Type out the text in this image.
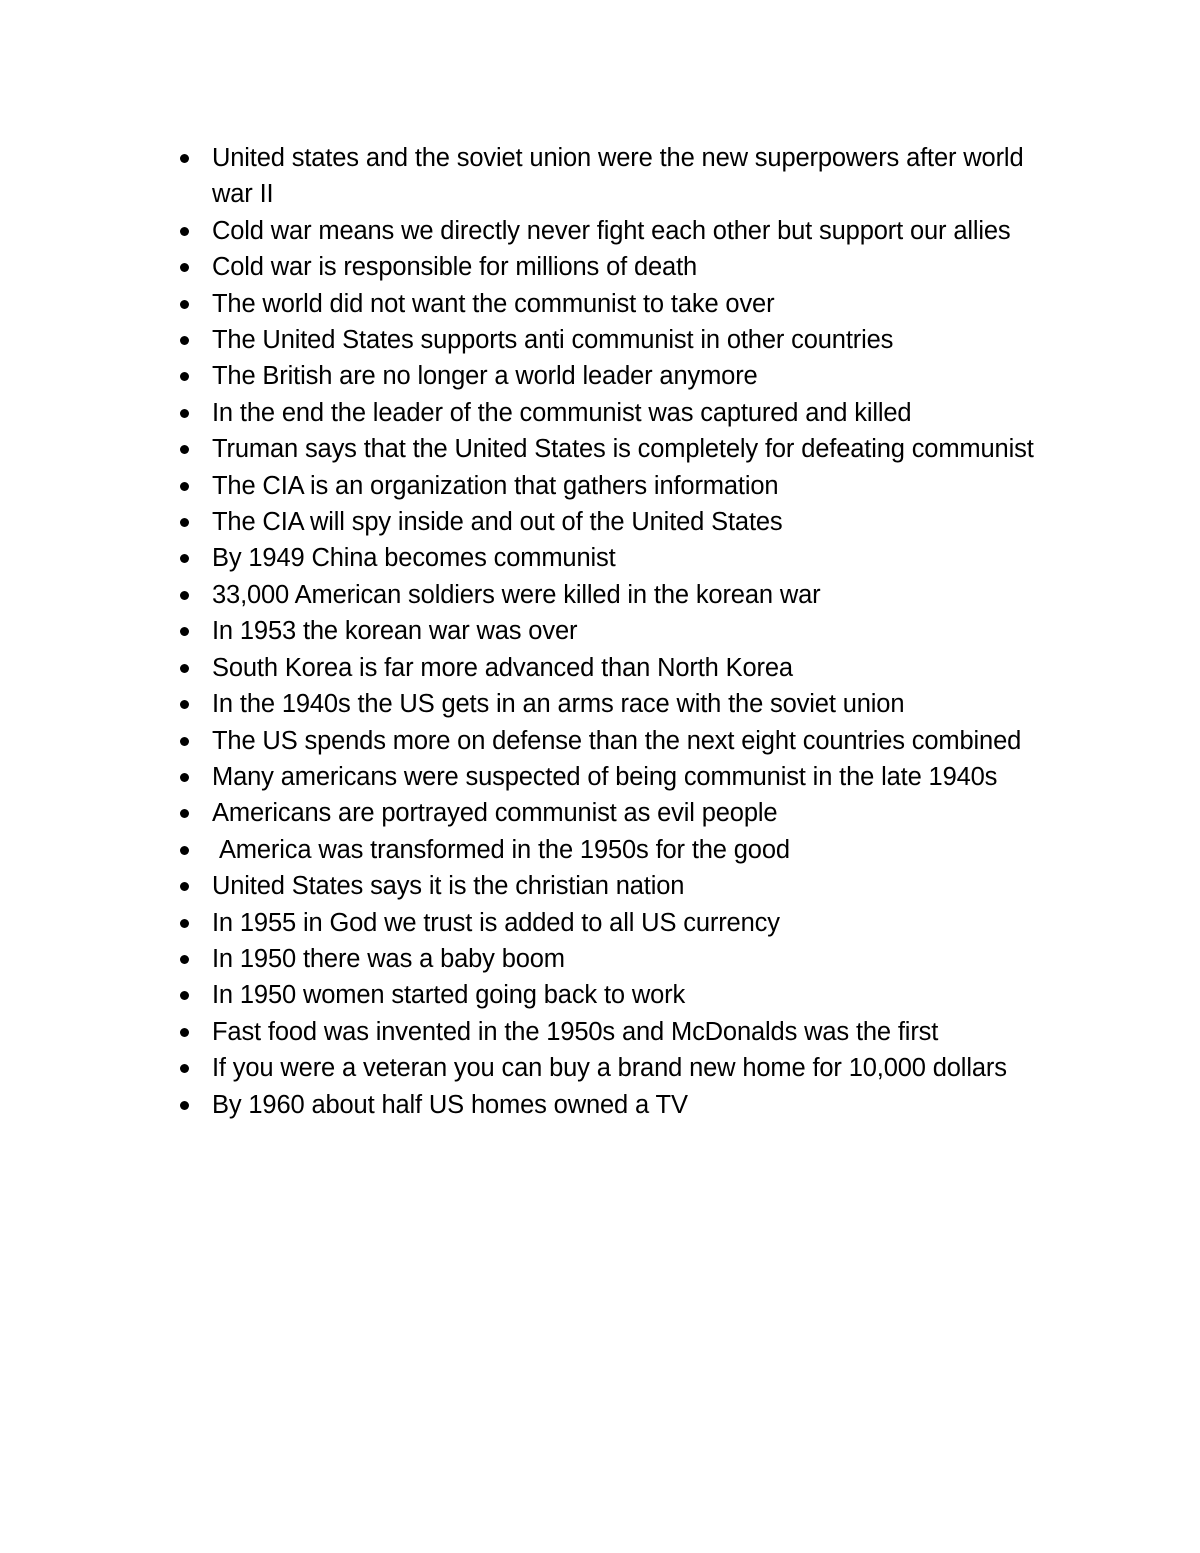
United states and the soviet union were the new superpowers after world war II
Cold war means we directly never fight each other but support our allies
Cold war is responsible for millions of death
The world did not want the communist to take over
The United States supports anti communist in other countries
The British are no longer a world leader anymore
In the end the leader of the communist was captured and killed
Truman says that the United States is completely for defeating communist
The CIA is an organization that gathers information
The CIA will spy inside and out of the United States
By 1949 China becomes communist
33,000 American soldiers were killed in the korean war
In 1953 the korean war was over
South Korea is far more advanced than North Korea
In the 1940s the US gets in an arms race with the soviet union
The US spends more on defense than the next eight countries combined
Many americans were suspected of being communist in the late 1940s
Americans are portrayed communist as evil people
America was transformed in the 1950s for the good
United States says it is the christian nation
In 1955 in God we trust is added to all US currency
In 1950 there was a baby boom
In 1950 women started going back to work
Fast food was invented in the 1950s and McDonalds was the first
If you were a veteran you can buy a brand new home for 10,000 dollars
By 1960 about half US homes owned a TV
